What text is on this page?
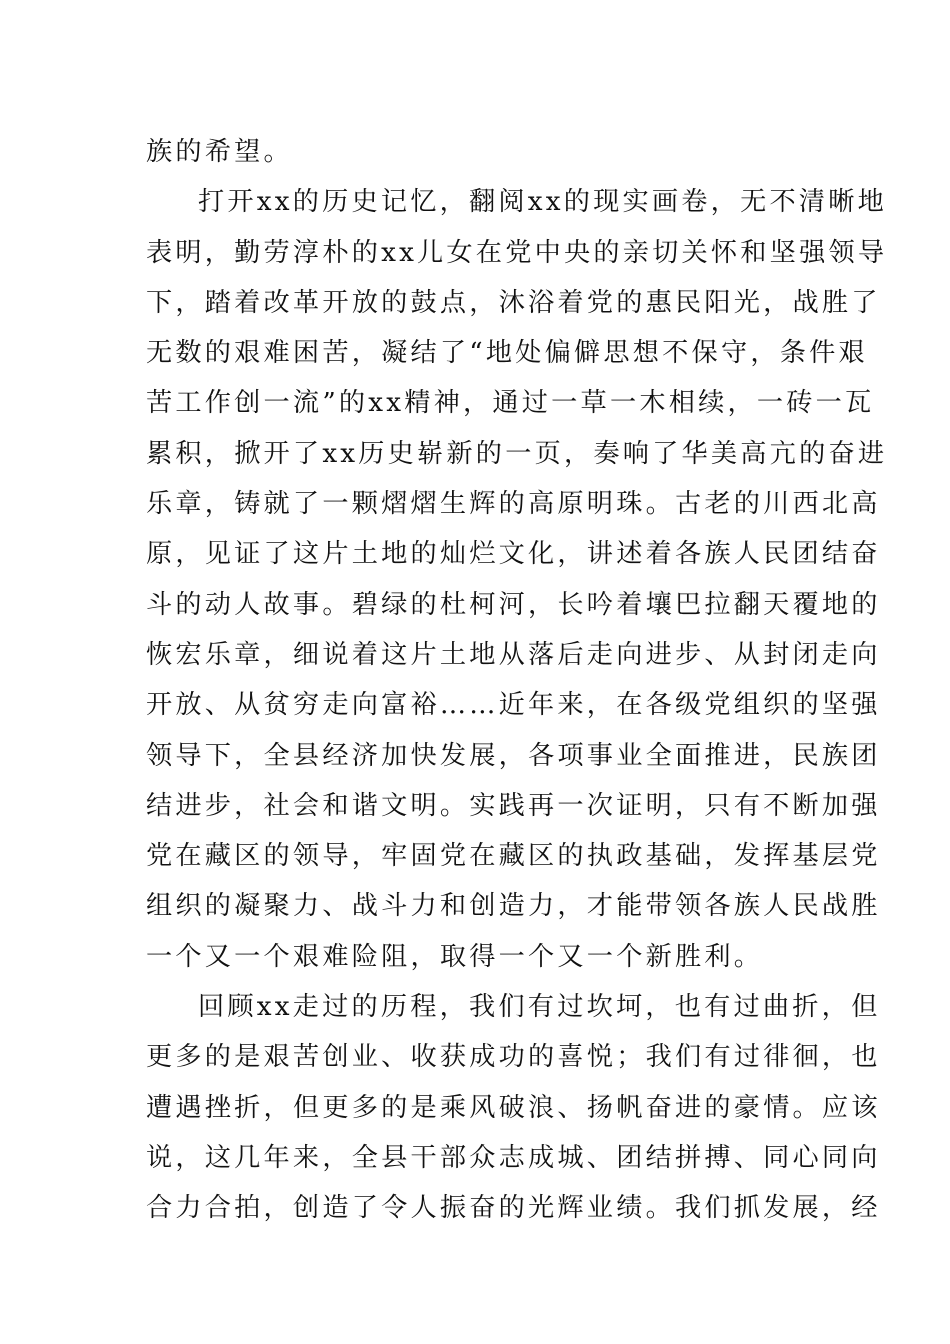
族的希望。
打开xx的历史记忆，翻阅xx的现实画卷，无不清晰地
表明，勤劳淳朴的xx儿女在党中央的亲切关怀和坚强领导
下，踏着改革开放的鼓点，沐浴着党的惠民阳光，战胜了
无数的艰难困苦，凝结了“地处偏僻思想不保守，条件艰
苦工作创一流”的xx精神，通过一草一木相续，一砖一瓦
累积，掀开了xx历史崭新的一页，奏响了华美高亢的奋进
乐章，铸就了一颗熠熠生辉的高原明珠。古老的川西北高
原，见证了这片土地的灿烂文化，讲述着各族人民团结奋
斗的动人故事。碧绿的杜柯河，长吟着壤巴拉翻天覆地的
恢宏乐章，细说着这片土地从落后走向进步、从封闭走向
开放、从贫穷走向富裕……近年来，在各级党组织的坚强
领导下，全县经济加快发展，各项事业全面推进，民族团
结进步，社会和谐文明。实践再一次证明，只有不断加强
党在藏区的领导，牢固党在藏区的执政基础，发挥基层党
组织的凝聚力、战斗力和创造力，才能带领各族人民战胜
一个又一个艰难险阻，取得一个又一个新胜利。
回顾xx走过的历程，我们有过坎坷，也有过曲折，但
更多的是艰苦创业、收获成功的喜悦；我们有过徘徊，也
遭遇挫折，但更多的是乘风破浪、扬帆奋进的豪情。应该
说，这几年来，全县干部众志成城、团结拼搏、同心同向
合力合拍，创造了令人振奋的光辉业绩。我们抓发展，经
